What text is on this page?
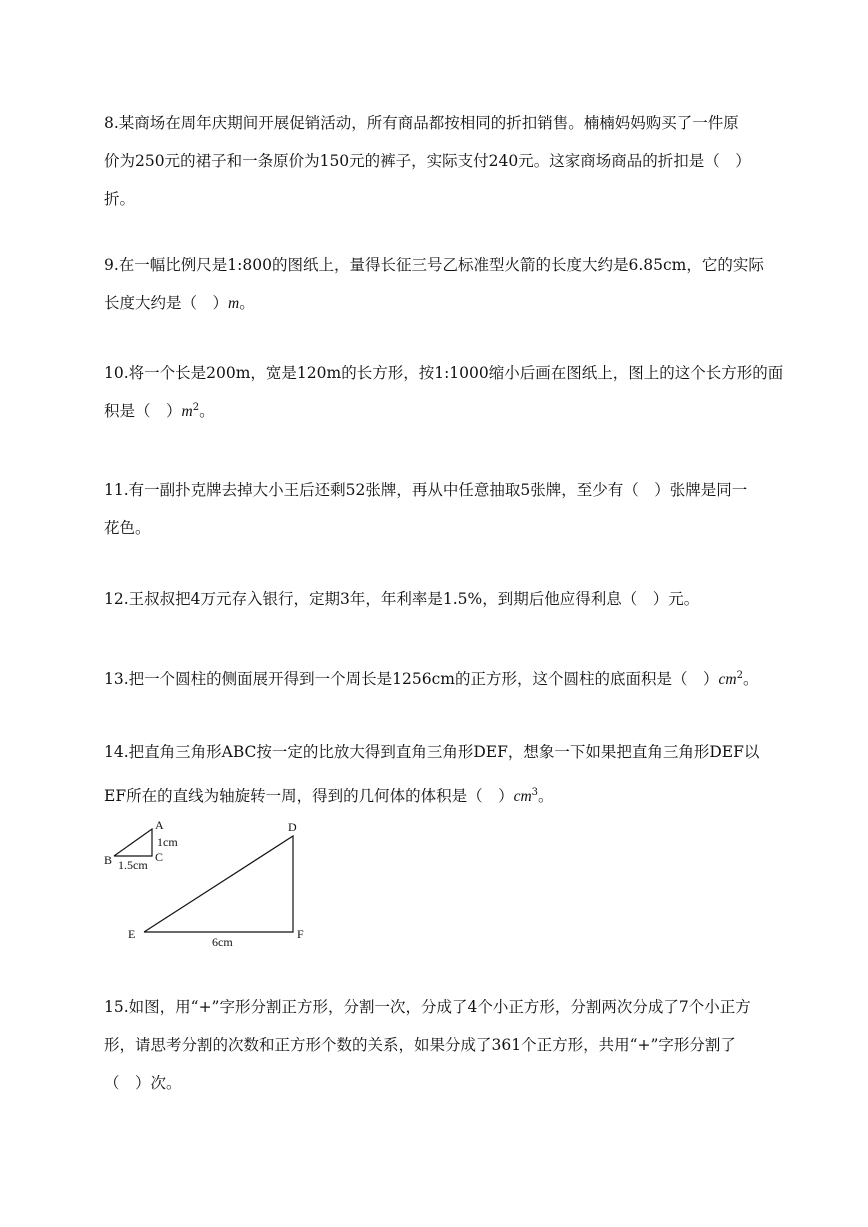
8.某商场在周年庆期间开展促销活动，所有商品都按相同的折扣销售。楠楠妈妈购买了一件原

价为250元的裙子和一条原价为150元的裤子，实际支付240元。这家商场商品的折扣是（　）

折。

9.在一幅比例尺是1:800的图纸上，量得长征三号乙标准型火箭的长度大约是6.85cm，它的实际

长度大约是（　）m。

10.将一个长是200m，宽是120m的长方形，按1:1000缩小后画在图纸上，图上的这个长方形的面

积是（　）$m^2$。

11.有一副扑克牌去掉大小王后还剩52张牌，再从中任意抽取5张牌，至少有（　）张牌是同一

花色。

12.王叔叔把4万元存入银行，定期3年，年利率是1.5%，到期后他应得利息（　）元。

13.把一个圆柱的侧面展开得到一个周长是1256cm的正方形，这个圆柱的底面积是（　）$cm^2$。

14.把直角三角形ABC按一定的比放大得到直角三角形DEF，想象一下如果把直角三角形DEF以

EF所在的直线为轴旋转一周，得到的几何体的体积是（　）$cm^3$。

A
B	C
1cm
1.5cm
D
E	F
6cm

15.如图，用“+”字形分割正方形，分割一次，分成了4个小正方形，分割两次分成了7个小正方

形，请思考分割的次数和正方形个数的关系，如果分成了361个正方形，共用“+”字形分割了

（　）次。
